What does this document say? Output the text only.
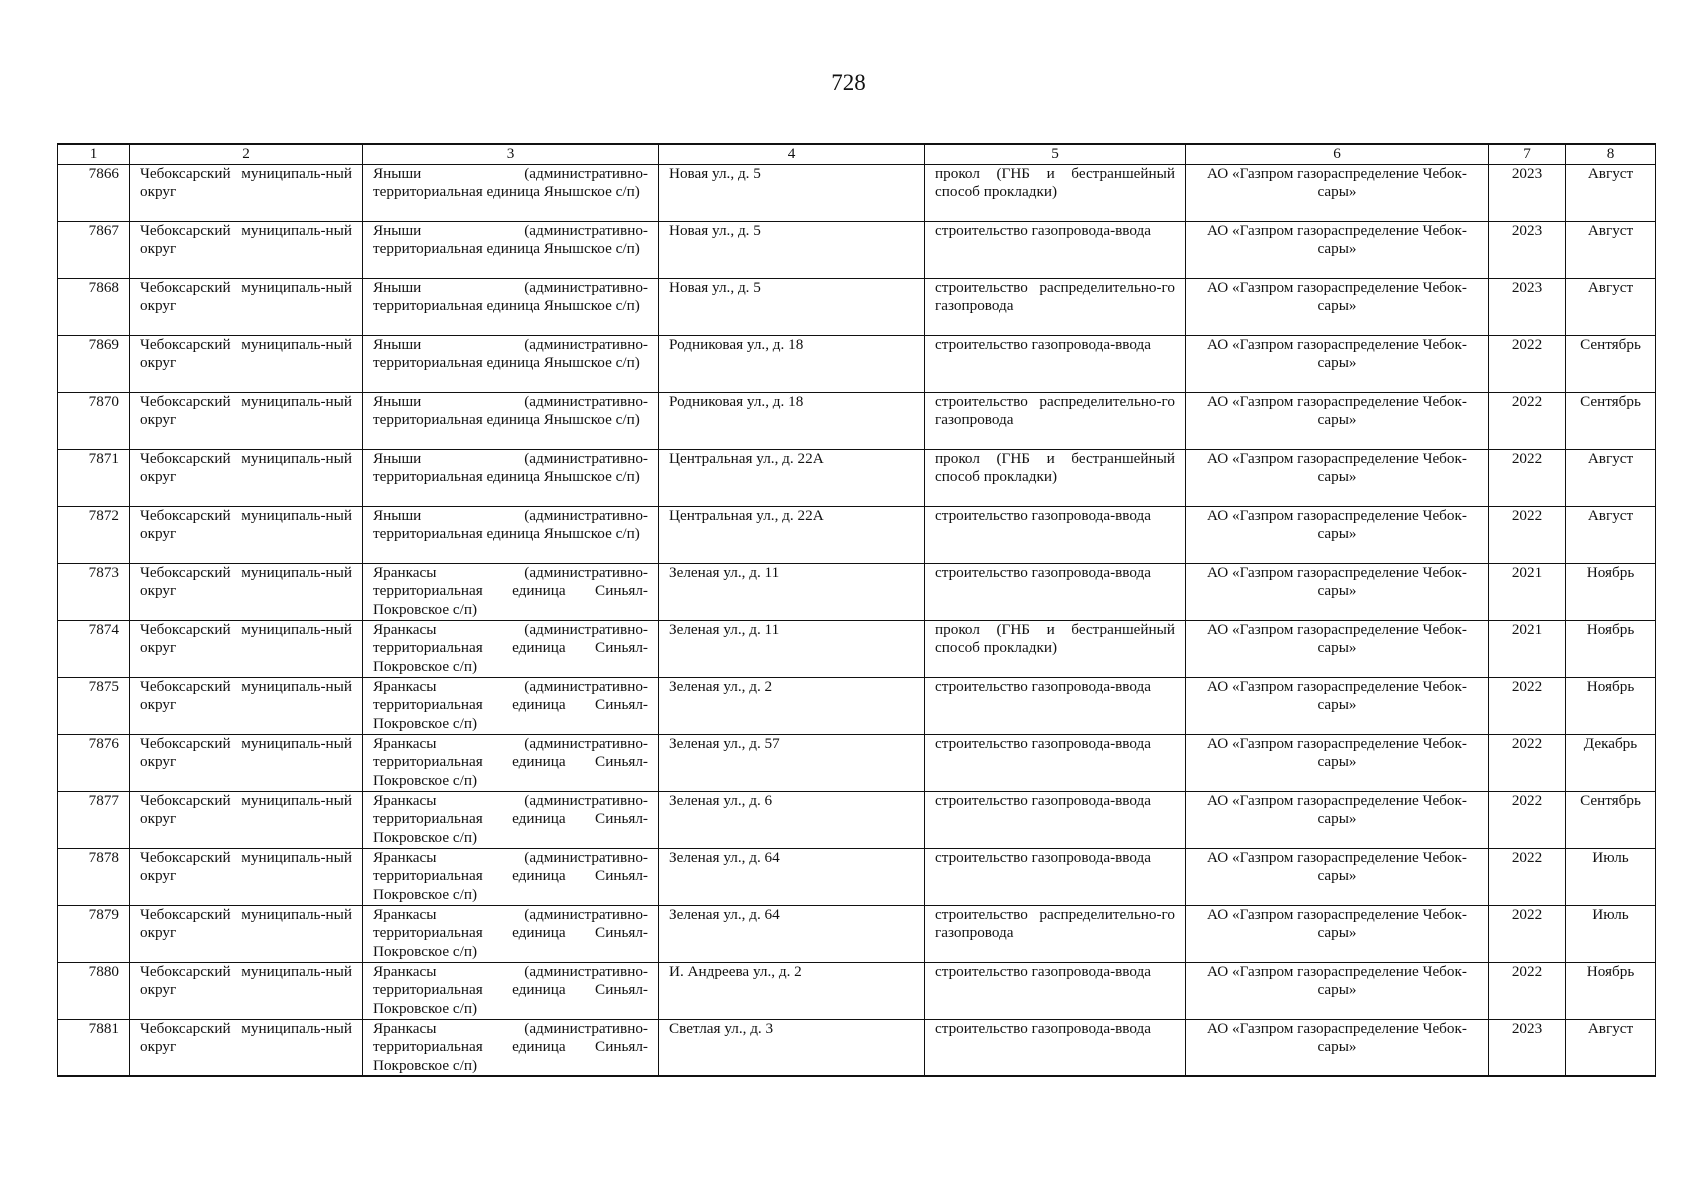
728
1	2	3	4	5	6	7	8
7866	Чебоксарский муниципаль-ный округ	Яныши (административно-территориальная единица Янышское с/п)	Новая ул., д. 5	прокол (ГНБ и бестраншейный способ прокладки)	АО «Газпром газораспределение Чебок-сары»	2023	Август
7867	Чебоксарский муниципаль-ный округ	Яныши (административно-территориальная единица Янышское с/п)	Новая ул., д. 5	строительство газопровода-ввода	АО «Газпром газораспределение Чебок-сары»	2023	Август
7868	Чебоксарский муниципаль-ный округ	Яныши (административно-территориальная единица Янышское с/п)	Новая ул., д. 5	строительство распределительно-го газопровода	АО «Газпром газораспределение Чебок-сары»	2023	Август
7869	Чебоксарский муниципаль-ный округ	Яныши (административно-территориальная единица Янышское с/п)	Родниковая ул., д. 18	строительство газопровода-ввода	АО «Газпром газораспределение Чебок-сары»	2022	Сентябрь
7870	Чебоксарский муниципаль-ный округ	Яныши (административно-территориальная единица Янышское с/п)	Родниковая ул., д. 18	строительство распределительно-го газопровода	АО «Газпром газораспределение Чебок-сары»	2022	Сентябрь
7871	Чебоксарский муниципаль-ный округ	Яныши (административно-территориальная единица Янышское с/п)	Центральная ул., д. 22А	прокол (ГНБ и бестраншейный способ прокладки)	АО «Газпром газораспределение Чебок-сары»	2022	Август
7872	Чебоксарский муниципаль-ный округ	Яныши (административно-территориальная единица Янышское с/п)	Центральная ул., д. 22А	строительство газопровода-ввода	АО «Газпром газораспределение Чебок-сары»	2022	Август
7873	Чебоксарский муниципаль-ный округ	Яранкасы (административно-территориальная единица Синьял-Покровское с/п)	Зеленая ул., д. 11	строительство газопровода-ввода	АО «Газпром газораспределение Чебок-сары»	2021	Ноябрь
7874	Чебоксарский муниципаль-ный округ	Яранкасы (административно-территориальная единица Синьял-Покровское с/п)	Зеленая ул., д. 11	прокол (ГНБ и бестраншейный способ прокладки)	АО «Газпром газораспределение Чебок-сары»	2021	Ноябрь
7875	Чебоксарский муниципаль-ный округ	Яранкасы (административно-территориальная единица Синьял-Покровское с/п)	Зеленая ул., д. 2	строительство газопровода-ввода	АО «Газпром газораспределение Чебок-сары»	2022	Ноябрь
7876	Чебоксарский муниципаль-ный округ	Яранкасы (административно-территориальная единица Синьял-Покровское с/п)	Зеленая ул., д. 57	строительство газопровода-ввода	АО «Газпром газораспределение Чебок-сары»	2022	Декабрь
7877	Чебоксарский муниципаль-ный округ	Яранкасы (административно-территориальная единица Синьял-Покровское с/п)	Зеленая ул., д. 6	строительство газопровода-ввода	АО «Газпром газораспределение Чебок-сары»	2022	Сентябрь
7878	Чебоксарский муниципаль-ный округ	Яранкасы (административно-территориальная единица Синьял-Покровское с/п)	Зеленая ул., д. 64	строительство газопровода-ввода	АО «Газпром газораспределение Чебок-сары»	2022	Июль
7879	Чебоксарский муниципаль-ный округ	Яранкасы (административно-территориальная единица Синьял-Покровское с/п)	Зеленая ул., д. 64	строительство распределительно-го газопровода	АО «Газпром газораспределение Чебок-сары»	2022	Июль
7880	Чебоксарский муниципаль-ный округ	Яранкасы (административно-территориальная единица Синьял-Покровское с/п)	И. Андреева ул., д. 2	строительство газопровода-ввода	АО «Газпром газораспределение Чебок-сары»	2022	Ноябрь
7881	Чебоксарский муниципаль-ный округ	Яранкасы (административно-территориальная единица Синьял-Покровское с/п)	Светлая ул., д. 3	строительство газопровода-ввода	АО «Газпром газораспределение Чебок-сары»	2023	Август
